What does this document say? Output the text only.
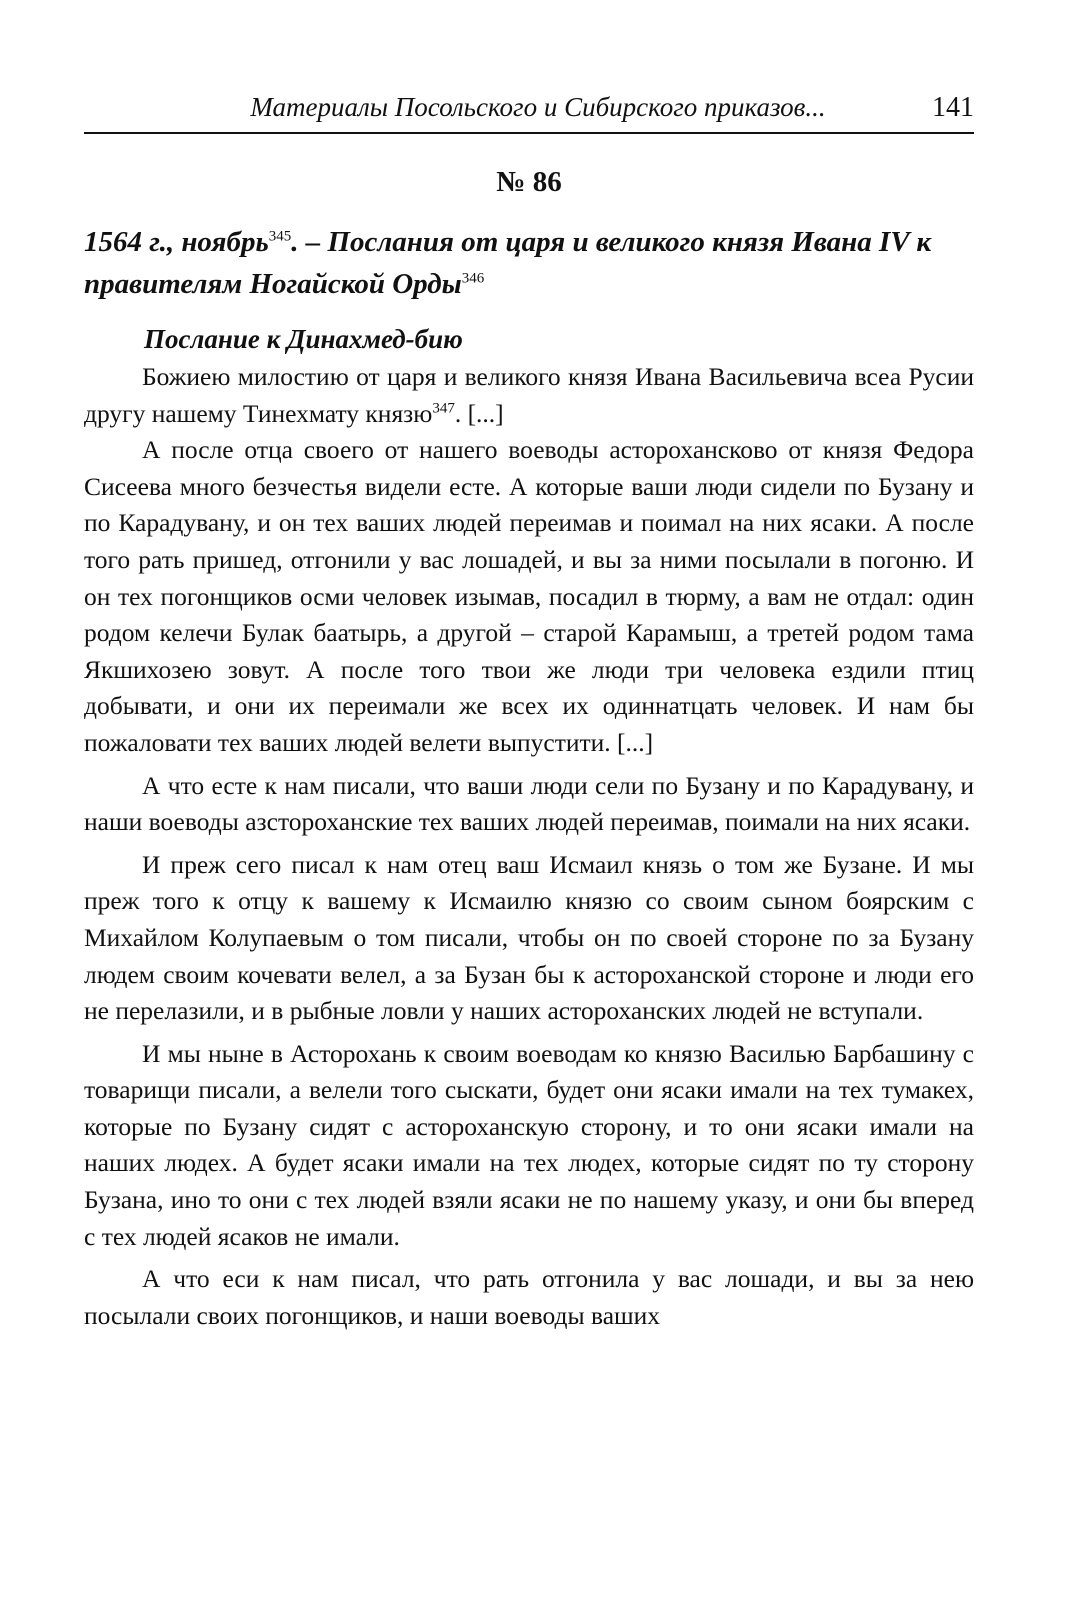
Материалы Посольского и Сибирского приказов...	141
№ 86

1564 г., ноябрь$^{345}$. – Послания от царя и великого князя Ивана IV к правителям Ногайской Орды$^{346}$

Послание к Динахмед-бию

Божиею милостию от царя и великого князя Ивана Васильевича всеа Русии другу нашему Тинехмату князю$^{347}$. [...]

А после отца своего от нашего воеводы асторохансково от князя Федора Сисеева много безчестья видели есте. А которые ваши люди сидели по Бузану и по Карадувану, и он тех ваших людей переимав и поимал на них ясаки. А после того рать пришед, отгонили у вас лошадей, и вы за ними посылали в погоню. И он тех погонщиков осми человек изымав, посадил в тюрму, а вам не отдал: один родом келечи Булак баатырь, а другой – старой Карамыш, а третей родом тама Якшихозею зовут. А после того твои же люди три человека ездили птиц добывати, и они их переимали же всех их одиннатцать человек. И нам бы пожаловати тех ваших людей велети выпустити. [...]

А что есте к нам писали, что ваши люди сели по Бузану и по Карадувану, и наши воеводы азстороханские тех ваших людей переимав, поимали на них ясаки.

И преж сего писал к нам отец ваш Исмаил князь о том же Бузане. И мы преж того к отцу к вашему к Исмаилю князю со своим сыном боярским с Михайлом Колупаевым о том писали, чтобы он по своей стороне по за Бузану людем своим кочевати велел, а за Бузан бы к астороханской стороне и люди его не перелазили, и в рыбные ловли у наших астороханских людей не вступали.

И мы ныне в Асторохань к своим воеводам ко князю Василью Барбашину с товарищи писали, а велели того сыскати, будет они ясаки имали на тех тумакех, которые по Бузану сидят с астороханскую сторону, и то они ясаки имали на наших людех. А будет ясаки имали на тех людех, которые сидят по ту сторону Бузана, ино то они с тех людей взяли ясаки не по нашему указу, и они бы вперед с тех людей ясаков не имали.

А что еси к нам писал, что рать отгонила у вас лошади, и вы за нею посылали своих погонщиков, и наши воеводы ваших
